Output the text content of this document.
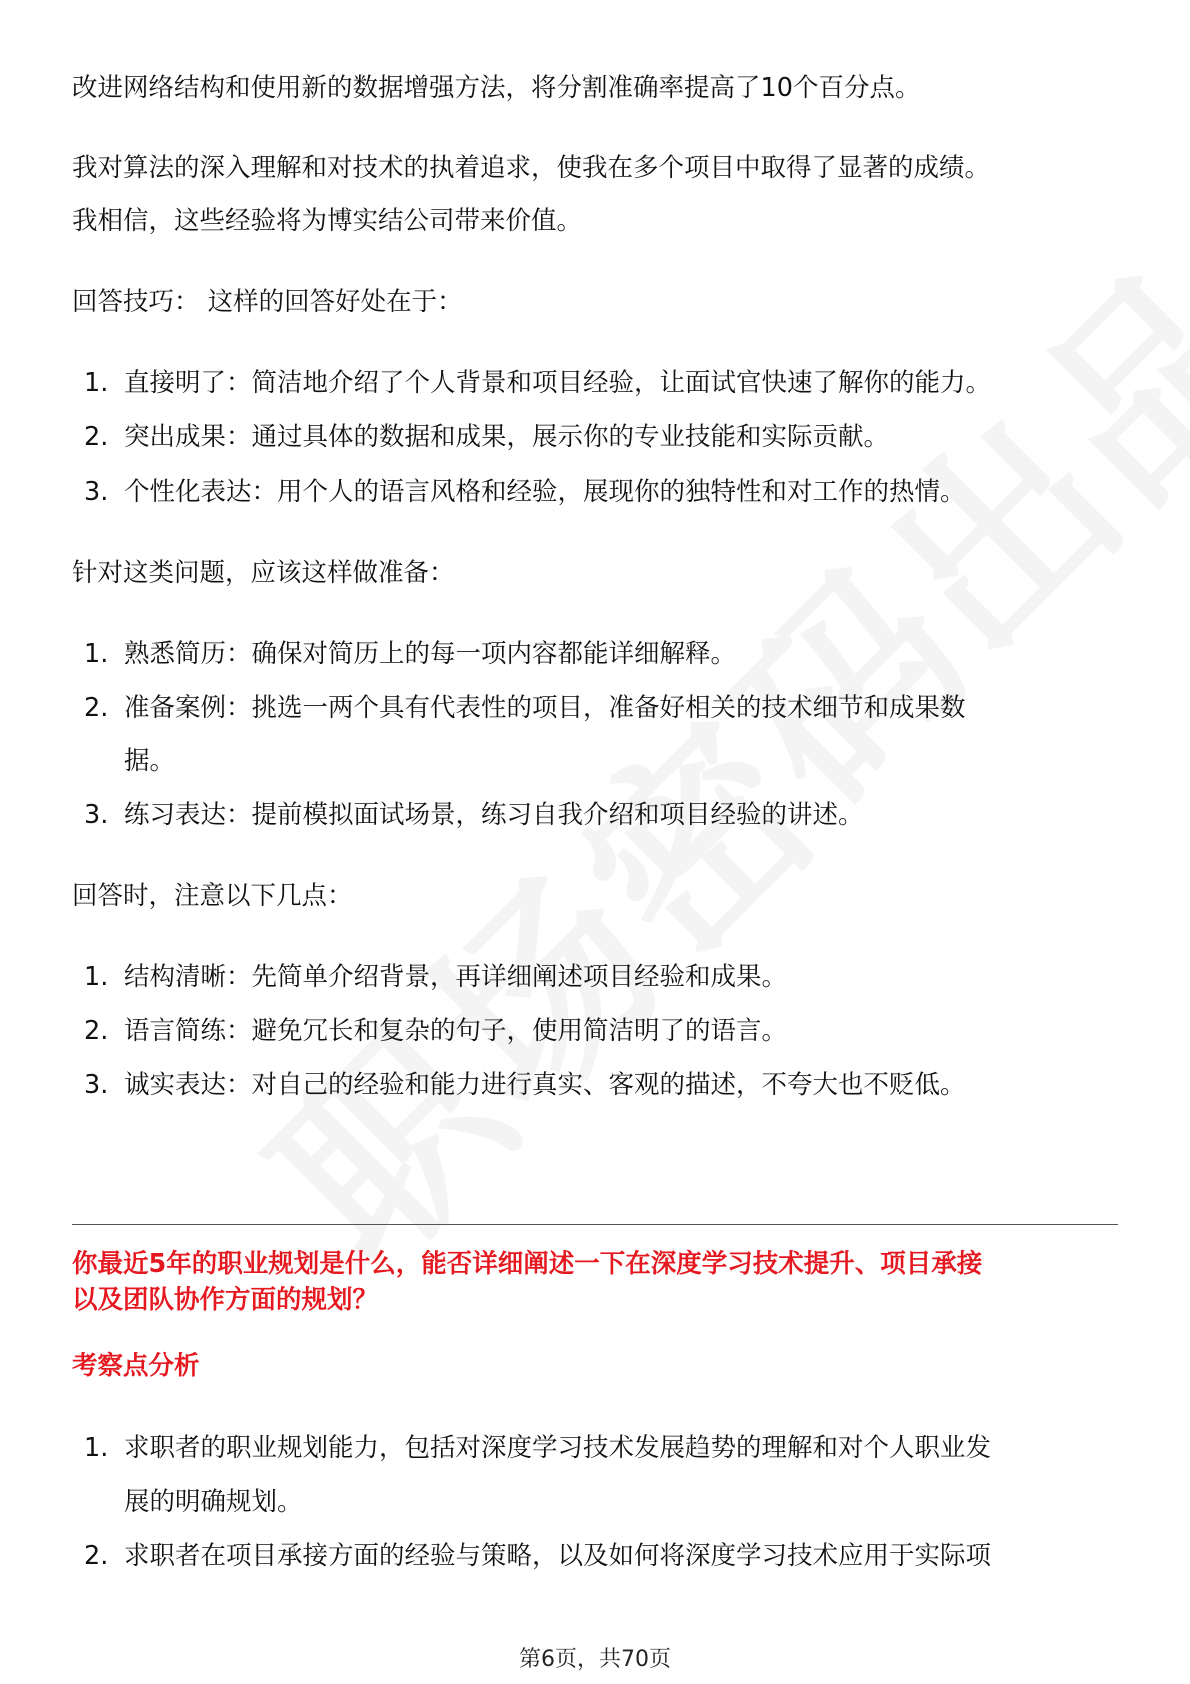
改进网络结构和使用新的数据增强方法，将分割准确率提高了10个百分点。
我对算法的深入理解和对技术的执着追求，使我在多个项目中取得了显著的成绩。
我相信，这些经验将为博实结公司带来价值。
回答技巧： 这样的回答好处在于：
1. 直接明了：简洁地介绍了个人背景和项目经验，让面试官快速了解你的能力。
2. 突出成果：通过具体的数据和成果，展示你的专业技能和实际贡献。
3. 个性化表达：用个人的语言风格和经验，展现你的独特性和对工作的热情。
针对这类问题，应该这样做准备：
1. 熟悉简历：确保对简历上的每一项内容都能详细解释。
2. 准备案例：挑选一两个具有代表性的项目，准备好相关的技术细节和成果数
据。
3. 练习表达：提前模拟面试场景，练习自我介绍和项目经验的讲述。
回答时，注意以下几点：
1. 结构清晰：先简单介绍背景，再详细阐述项目经验和成果。
2. 语言简练：避免冗长和复杂的句子，使用简洁明了的语言。
3. 诚实表达：对自己的经验和能力进行真实、客观的描述，不夸大也不贬低。
你最近5年的职业规划是什么，能否详细阐述一下在深度学习技术提升、项目承接
以及团队协作方面的规划？
考察点分析
1. 求职者的职业规划能力，包括对深度学习技术发展趋势的理解和对个人职业发
展的明确规划。
2. 求职者在项目承接方面的经验与策略，以及如何将深度学习技术应用于实际项
第6页，共70页
